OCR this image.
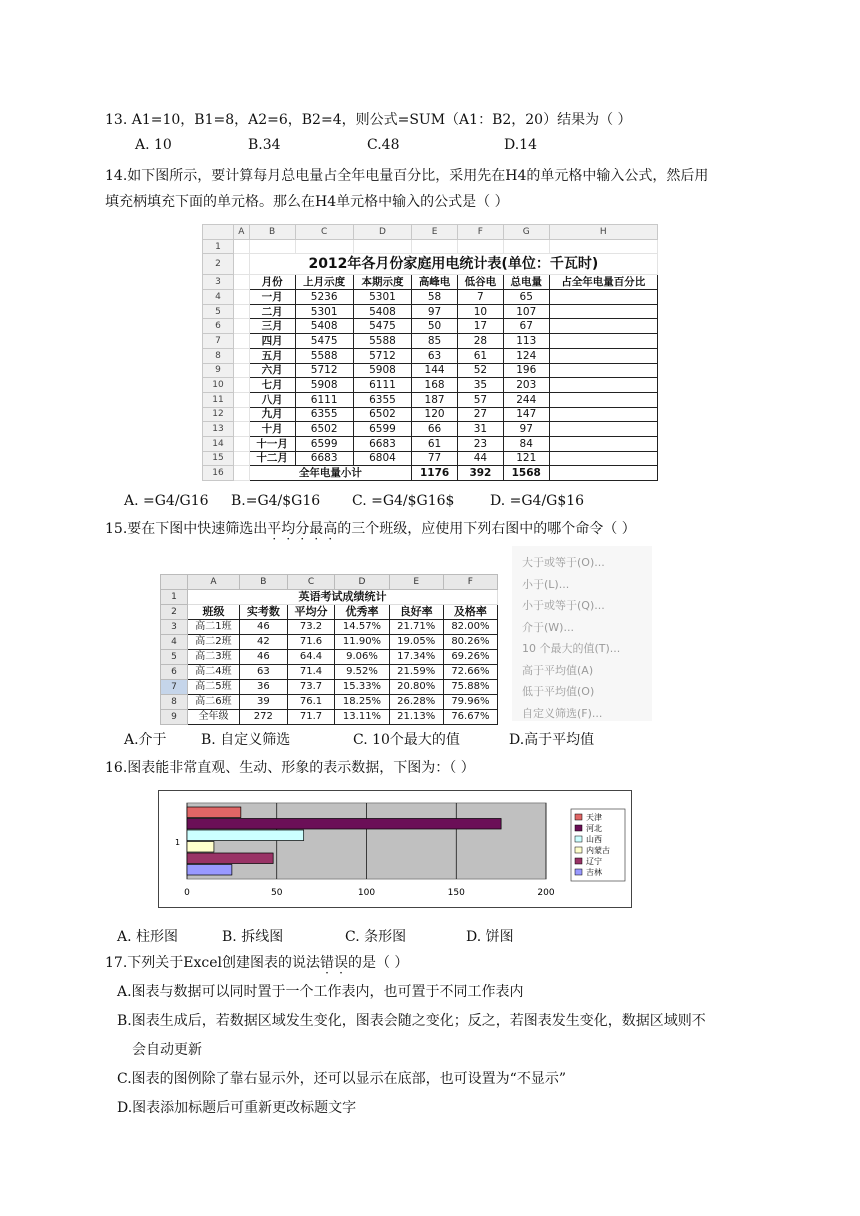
13. A1=10，B1=8，A2=6，B2=4，则公式=SUM（A1：B2，20）结果为（ ）
A. 10	B.34	C.48	D.14
14.如下图所示，要计算每月总电量占全年电量百分比，采用先在H4的单元格中输入公式，然后用
填充柄填充下面的单元格。那么在H4单元格中输入的公式是（ ）
	A	B	C	D	E	F	G	H
1								
2		2012年各月份家庭用电统计表(单位：千瓦时)						
3		月份	上月示度	本期示度	高峰电	低谷电	总电量	占全年电量百分比
4		一月	5236	5301	58	7	65	
5		二月	5301	5408	97	10	107	
6		三月	5408	5475	50	17	67	
7		四月	5475	5588	85	28	113	
8		五月	5588	5712	63	61	124	
9		六月	5712	5908	144	52	196	
10		七月	5908	6111	168	35	203	
11		八月	6111	6355	187	57	244	
12		九月	6355	6502	120	27	147	
13		十月	6502	6599	66	31	97	
14		十一月	6599	6683	61	23	84	
15		十二月	6683	6804	77	44	121	
16		全年电量小计			1176	392	1568	
A. =G4/G16 B.=G4/$G16 C. =G4/$G16$	D. =G4/G$16
15.要在下图中快速筛选出平均分最高的三个班级，应使用下列右图中的哪个命令（ ）
	A	B	C	D	E	F
1	英语考试成绩统计					
2	班级	实考数	平均分	优秀率	良好率	及格率
3	高二1班	46	73.2	14.57%	21.71%	82.00%
4	高二2班	42	71.6	11.90%	19.05%	80.26%
5	高二3班	46	64.4	9.06%	17.34%	69.26%
6	高二4班	63	71.4	9.52%	21.59%	72.66%
7	高二5班	36	73.7	15.33%	20.80%	75.88%
8	高二6班	39	76.1	18.25%	26.28%	79.96%
9	全年级	272	71.7	13.11%	21.13%	76.67%
大于或等于(O)...
小于(L)...
小于或等于(Q)...
介于(W)...
10 个最大的值(T)...
高于平均值(A)
低于平均值(O)
自定义筛选(F)...
A.介于 B. 自定义筛选	C. 10个最大的值	D.高于平均值
16.图表能非常直观、生动、形象的表示数据，下图为：（ ）
0	50	100	150	200
1
天津
河北
山西
内蒙古
辽宁
吉林
A. 柱形图	B. 拆线图	C. 条形图	D. 饼图
17.下列关于Excel创建图表的说法错误的是（ ）
A.图表与数据可以同时置于一个工作表内，也可置于不同工作表内
B.图表生成后，若数据区域发生变化，图表会随之变化；反之，若图表发生变化，数据区域则不
会自动更新
C.图表的图例除了靠右显示外，还可以显示在底部，也可设置为“不显示”
D.图表添加标题后可重新更改标题文字
